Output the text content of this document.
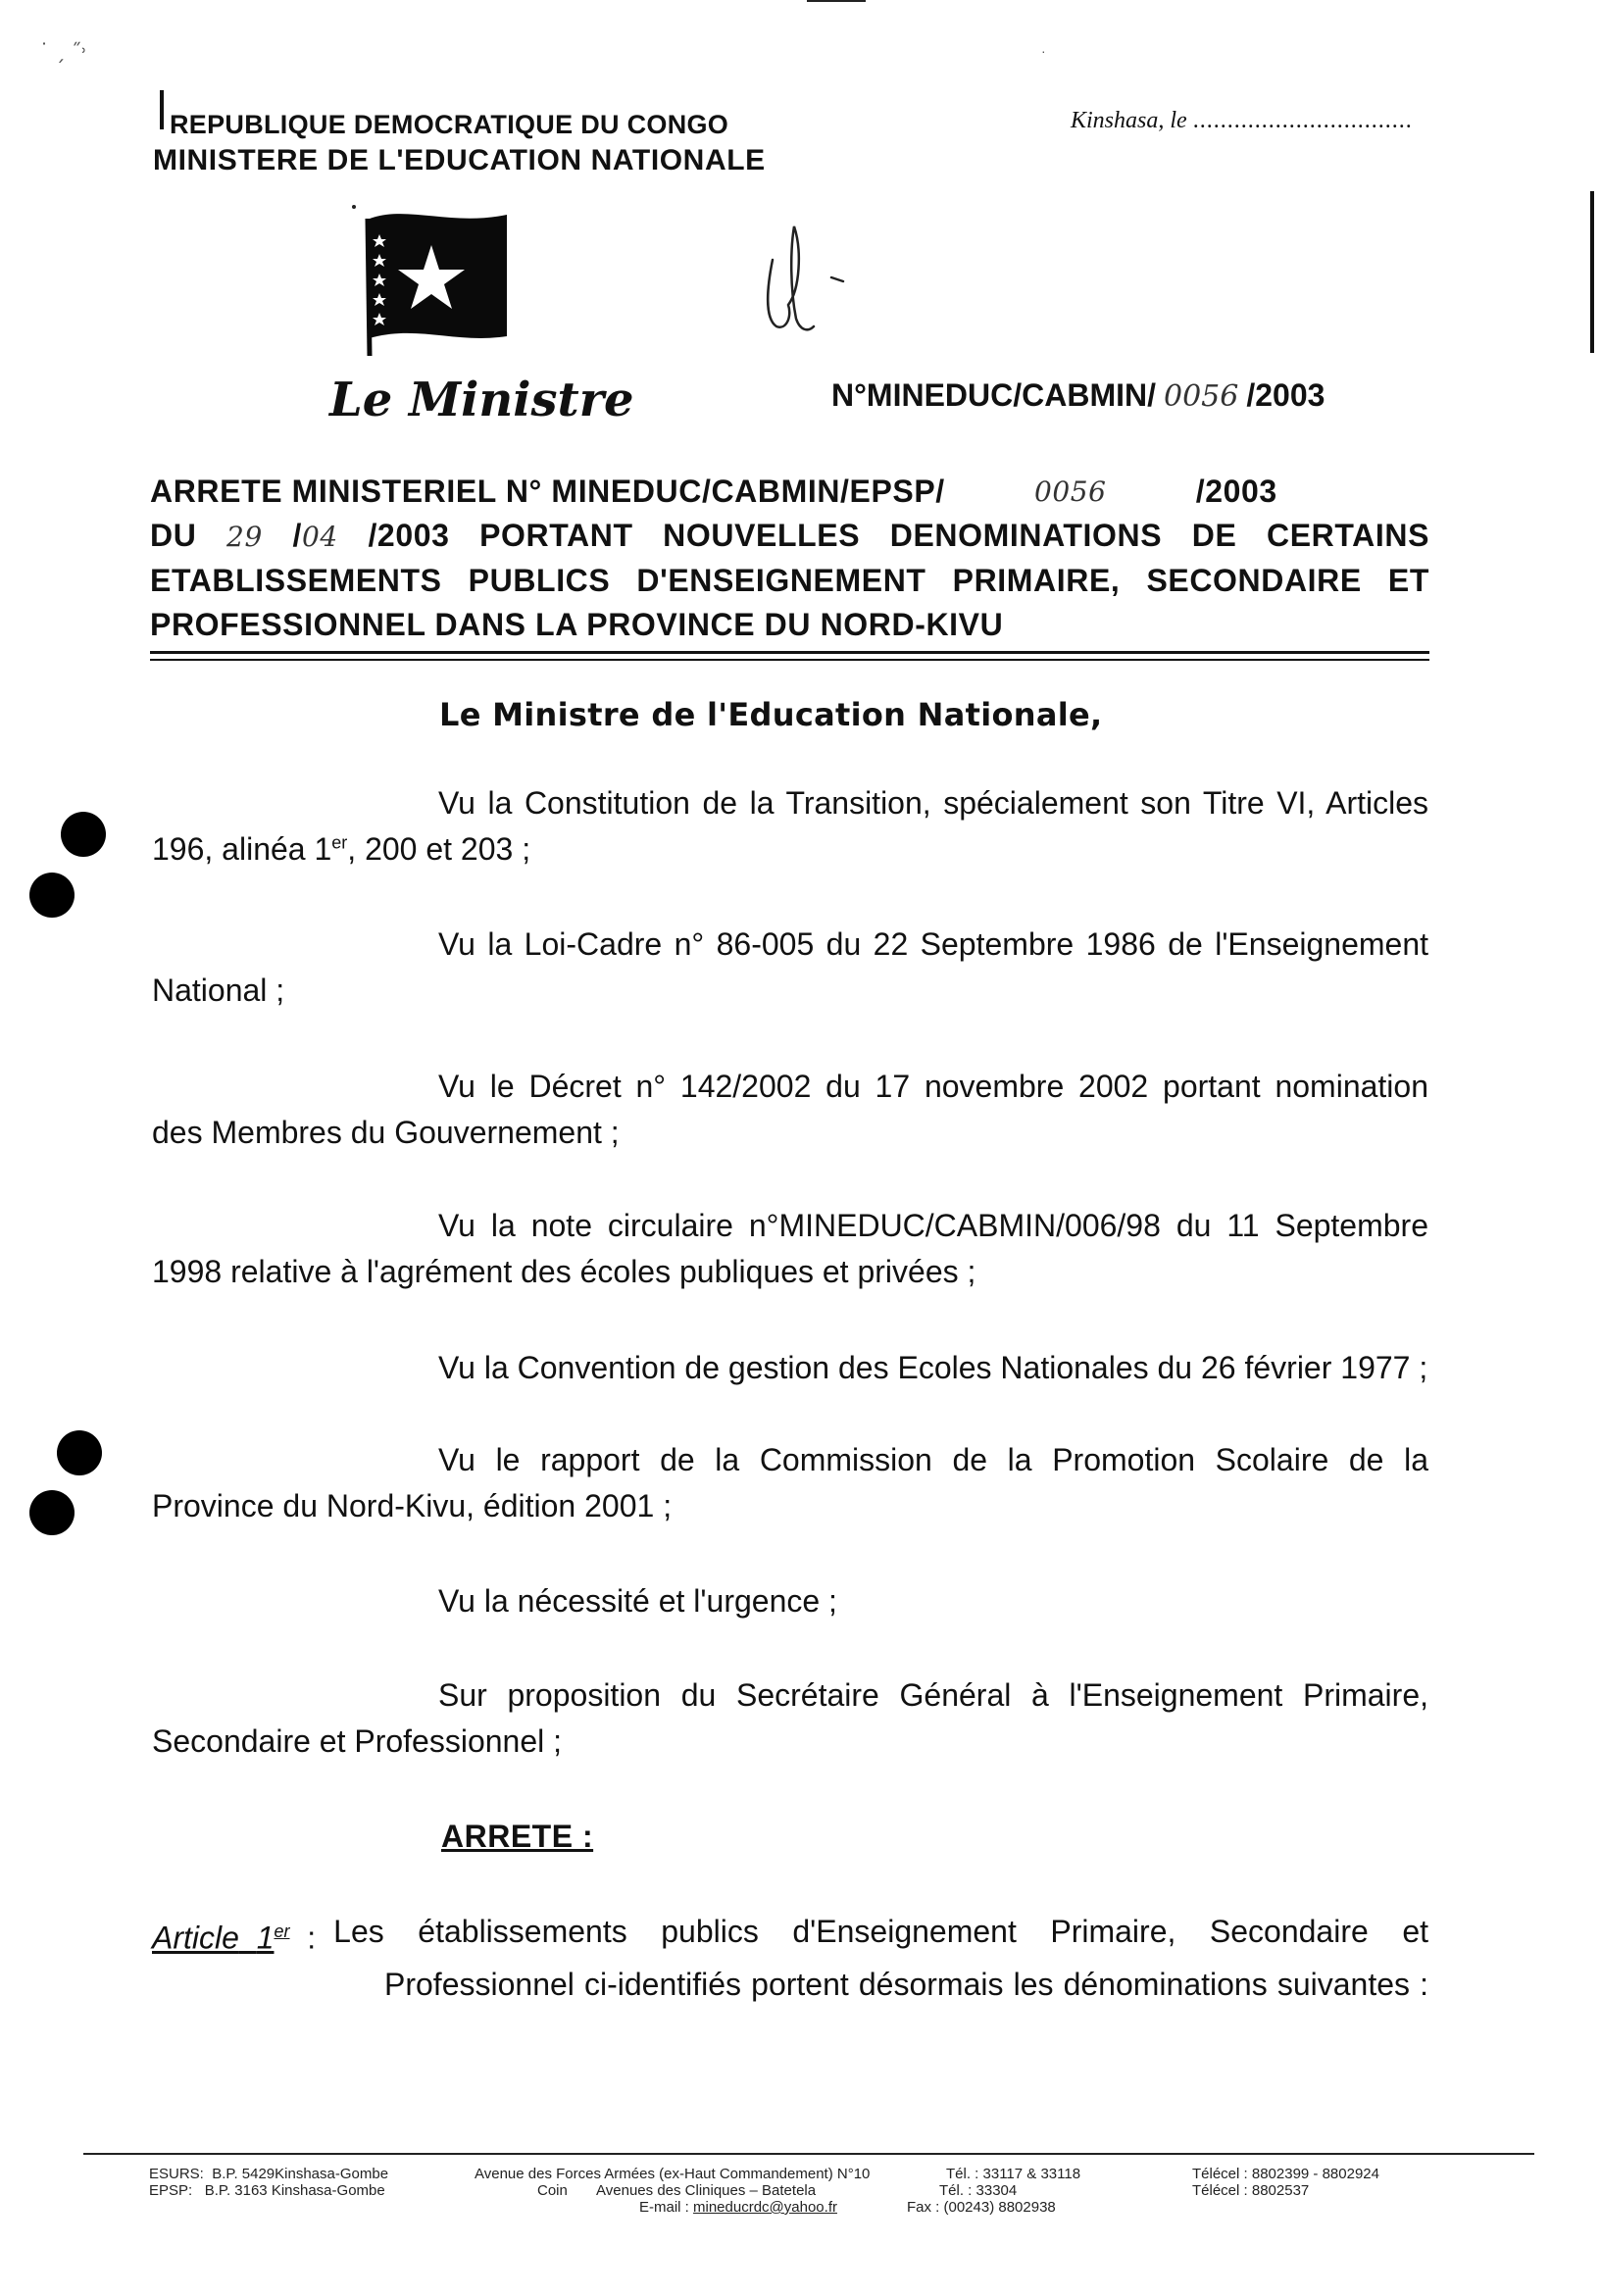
˙ ˏ ˝˒	·
REPUBLIQUE DEMOCRATIQUE DU CONGO
MINISTERE DE L'EDUCATION NATIONALE
Kinshasa, le ................................
Le Ministre	N°MINEDUC/CABMIN/ 0056 /2003
ARRETE MINISTERIEL N° MINEDUC/CABMIN/EPSP/	0056	/2003
DU 29 /04 /2003 PORTANT NOUVELLES DENOMINATIONS DE CERTAINS
ETABLISSEMENTS PUBLICS D'ENSEIGNEMENT PRIMAIRE, SECONDAIRE ET
PROFESSIONNEL DANS LA PROVINCE DU NORD-KIVU
Le Ministre de l'Education Nationale,
Vu la Constitution de la Transition, spécialement son Titre VI, Articles 196, alinéa 1er, 200 et 203 ;
Vu la Loi-Cadre n° 86-005 du 22 Septembre 1986 de l'Enseignement National ;
Vu le Décret n° 142/2002 du 17 novembre 2002 portant nomination des Membres du Gouvernement ;
Vu la note circulaire n°MINEDUC/CABMIN/006/98 du 11 Septembre 1998 relative à l'agrément des écoles publiques et privées ;
Vu la Convention de gestion des Ecoles Nationales du 26 février 1977 ;
Vu le rapport de la Commission de la Promotion Scolaire de la Province du Nord-Kivu, édition 2001 ;
Vu la nécessité et l'urgence ;
Sur proposition du Secrétaire Général à l'Enseignement Primaire, Secondaire et Professionnel ;
ARRETE :
Article 1er : Les établissements publics d'Enseignement Primaire, Secondaire et
Professionnel ci-identifiés portent désormais les dénominations suivantes :
ESURS: B.P. 5429Kinshasa-Gombe
EPSP: B.P. 3163 Kinshasa-Gombe
Avenue des Forces Armées (ex-Haut Commandement) N°10
Coin Avenues des Cliniques – Batetela
E-mail : mineducrdc@yahoo.fr
Tél. : 33117 & 33118
Tél. : 33304
Fax : (00243) 8802938
Télécel : 8802399 - 8802924
Télécel : 8802537
